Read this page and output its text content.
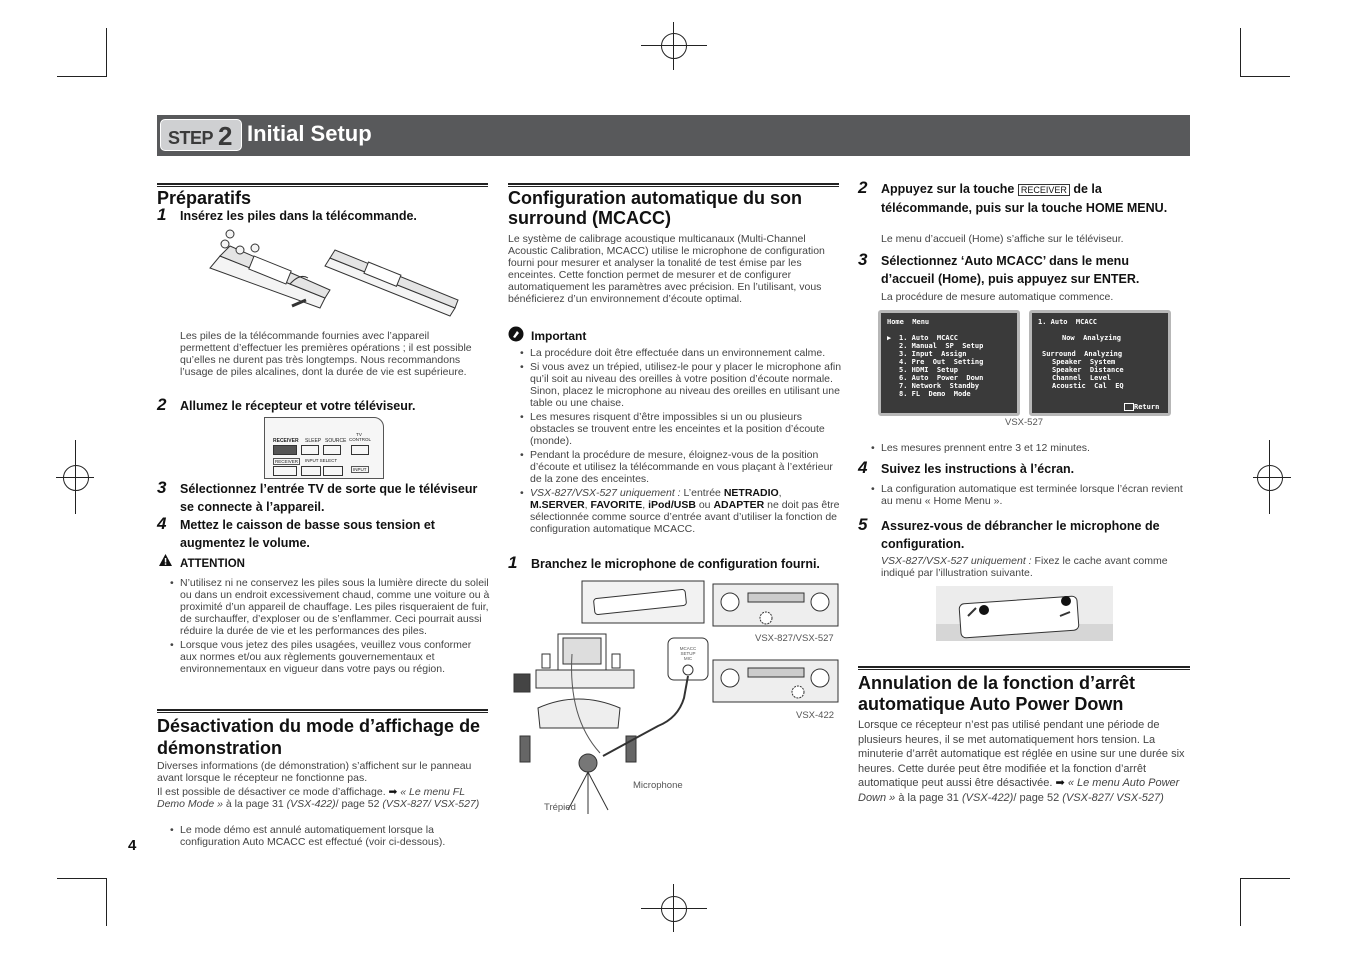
STEP 2 Initial Setup
Préparatifs
1 Insérez les piles dans la télécommande.
Les piles de la télécommande fournies avec l’appareil permettent d’effectuer les premières opérations ; il est possible qu’elles ne durent pas très longtemps. Nous recommandons l’usage de piles alcalines, dont la durée de vie est supérieure.
2 Allumez le récepteur et votre téléviseur.
RECEIVER SLEEP SOURCE
TV CONTROL
RECEIVER	INPUT SELECT
INPUT
3 Sélectionnez l’entrée TV de sorte que le téléviseur se connecte à l’appareil.
4 Mettez le caisson de basse sous tension et augmentez le volume.
ATTENTION
• N’utilisez ni ne conservez les piles sous la lumière directe du soleil ou dans un endroit excessivement chaud, comme une voiture ou à proximité d’un appareil de chauffage. Les piles risqueraient de fuir, de surchauffer, d’exploser ou de s’enflammer. Ceci pourrait aussi réduire la durée de vie et les performances des piles.
• Lorsque vous jetez des piles usagées, veuillez vous conformer aux normes et/ou aux règlements gouvernementaux et environnementaux en vigueur dans votre pays ou région.
Désactivation du mode d’affichage de démonstration
Diverses informations (de démonstration) s’affichent sur le panneau avant lorsque le récepteur ne fonctionne pas.
Il est possible de désactiver ce mode d’affichage. ➡ « Le menu FL Demo Mode » à la page 31 (VSX-422)/ page 52 (VSX-827/ VSX-527)
• Le mode démo est annulé automatiquement lorsque la configuration Auto MCACC est effectué (voir ci-dessous).
4
Configuration automatique du son surround (MCACC)
Le système de calibrage acoustique multicanaux (Multi-Channel Acoustic Calibration, MCACC) utilise le microphone de configuration fourni pour mesurer et analyser la tonalité de test émise par les enceintes. Cette fonction permet de mesurer et de configurer automatiquement les paramètres avec précision. En l’utilisant, vous bénéficierez d’un environnement d’écoute optimal.
Important
• La procédure doit être effectuée dans un environnement calme.
• Si vous avez un trépied, utilisez-le pour y placer le microphone afin qu’il soit au niveau des oreilles à votre position d’écoute normale. Sinon, placez le microphone au niveau des oreilles en utilisant une table ou une chaise.
• Les mesures risquent d’être impossibles si un ou plusieurs obstacles se trouvent entre les enceintes et la position d’écoute (monde).
• Pendant la procédure de mesure, éloignez-vous de la position d’écoute et utilisez la télécommande en vous plaçant à l’extérieur de la zone des enceintes.
• VSX-827/VSX-527 uniquement : L’entrée NETRADIO, M.SERVER, FAVORITE, iPod/USB ou ADAPTER ne doit pas être sélectionnée comme source d’entrée avant d’utiliser la fonction de configuration automatique MCACC.
1 Branchez le microphone de configuration fourni.
VSX-827/VSX-527
MCACC SETUP MIC
VSX-422
Microphone
Trépied
2 Appuyez sur la touche RECEIVER de la télécommande, puis sur la touche HOME MENU.
Le menu d’accueil (Home) s’affiche sur le téléviseur.
3 Sélectionnez ‘Auto MCACC’ dans le menu d’accueil (Home), puis appuyez sur ENTER.
La procédure de mesure automatique commence.
Home  Menu
▶ 1. Auto  MCACC
2. Manual  SP  Setup
3. Input  Assign
4. Pre  Out  Setting
5. HDMI  Setup
6. Auto  Power  Down
7. Network  Standby
8. FL  Demo  Mode
1. Auto  MCACC
Now  Analyzing
Surround  Analyzing
Speaker  System
Speaker  Distance
Channel  Level
Acoustic  Cal  EQ
Return
VSX-527
• Les mesures prennent entre 3 et 12 minutes.
4 Suivez les instructions à l’écran.
• La configuration automatique est terminée lorsque l’écran revient au menu « Home Menu ».
5 Assurez-vous de débrancher le microphone de configuration.
VSX-827/VSX-527 uniquement : Fixez le cache avant comme indiqué par l’illustration suivante.
Annulation de la fonction d’arrêt automatique Auto Power Down
Lorsque ce récepteur n’est pas utilisé pendant une période de plusieurs heures, il se met automatiquement hors tension. La minuterie d’arrêt automatique est réglée en usine sur une durée six heures. Cette durée peut être modifiée et la fonction d’arrêt automatique peut aussi être désactivée. ➡ « Le menu Auto Power Down » à la page 31 (VSX-422)/ page 52 (VSX-827/ VSX-527)
